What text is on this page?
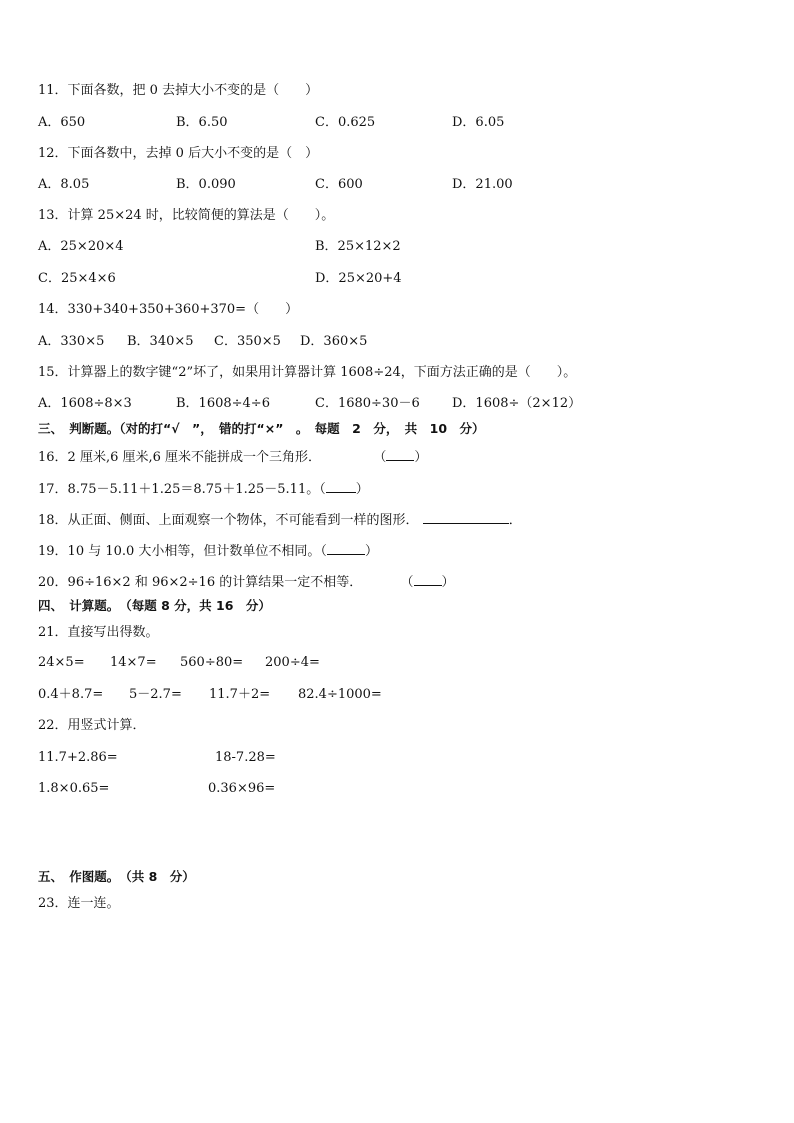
11．下面各数，把 0 去掉大小不变的是（　　）
A．650	B．6.50	C．0.625	D．6.05
12．下面各数中，去掉 0 后大小不变的是（　）
A．8.05	B．0.090	C．600	D．21.00
13．计算 25×24 时，比较简便的算法是（　　）。
A．25×20×4	B．25×12×2
C．25×4×6	D．25×20+4
14．330+340+350+360+370=（　　）
A．330×5 B．340×5 C．350×5 D．360×5
15．计算器上的数字键“2”坏了，如果用计算器计算 1608÷24，下面方法正确的是（　　）。
A．1608÷8×3	B．1608÷4÷6	C．1680÷30－6 D．1608÷（2×12）
三、　判断题。（对的打“√　”，　错的打“×”　。　每题　2　分，　共　10　分）
16．2 厘米,6 厘米,6 厘米不能拼成一个三角形．	（ ）
17．8.75－5.11＋1.25＝8.75＋1.25－5.11。（ ）
18．从正面、侧面、上面观察一个物体，不可能看到一样的图形．	．
19．10 与 10.0 大小相等，但计数单位不相同。（	）
20．96÷16×2 和 96×2÷16 的计算结果一定不相等．	（ ）
四、　计算题。　（每题 8 分，共 16　分）
21．直接写出得数。
24×5= 14×7= 560÷80= 200÷4=
0.4＋8.7= 5－2.7= 11.7＋2= 82.4÷1000=
22．用竖式计算．
11.7+2.86=	18-7.28=
1.8×0.65=	0.36×96=
五、　作图题。　（共 8　分）
23．连一连。
